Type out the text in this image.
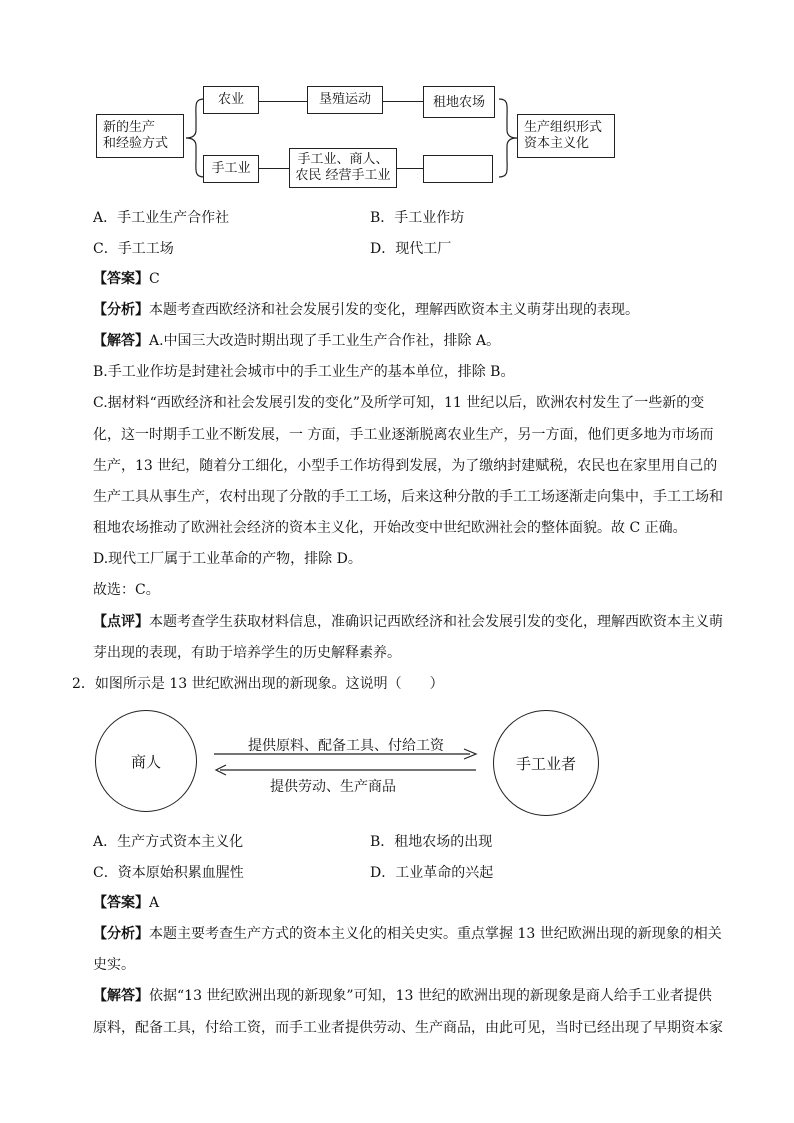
新的生产
和经验方式
农业	垦殖运动	租地农场
手工业
手工业、商人、
农民 经营手工业
生产组织形式
资本主义化
A．手工业生产合作社	B．手工业作坊
C．手工工场	D．现代工厂
【答案】C
【分析】本题考查西欧经济和社会发展引发的变化，理解西欧资本主义萌芽出现的表现。
【解答】A.中国三大改造时期出现了手工业生产合作社，排除 A。
B.手工业作坊是封建社会城市中的手工业生产的基本单位，排除 B。
C.据材料“西欧经济和社会发展引发的变化”及所学可知，11 世纪以后，欧洲农村发生了一些新的变
化，这一时期手工业不断发展，一 方面，手工业逐渐脱离农业生产，另一方面，他们更多地为市场而
生产，13 世纪，随着分工细化，小型手工作坊得到发展，为了缴纳封建赋税，农民也在家里用自己的
生产工具从事生产，农村出现了分散的手工工场，后来这种分散的手工工场逐渐走向集中，手工工场和
租地农场推动了欧洲社会经济的资本主义化，开始改变中世纪欧洲社会的整体面貌。故 C 正确。
D.现代工厂属于工业革命的产物，排除 D。
故选：C。
【点评】本题考查学生获取材料信息，准确识记西欧经济和社会发展引发的变化，理解西欧资本主义萌
芽出现的表现，有助于培养学生的历史解释素养。
2．如图所示是 13 世纪欧洲出现的新现象。这说明（　　）
商人	手工业者
提供原料、配备工具、付给工资
提供劳动、生产商品
A．生产方式资本主义化	B．租地农场的出现
C．资本原始积累血腥性	D．工业革命的兴起
【答案】A
【分析】本题主要考查生产方式的资本主义化的相关史实。重点掌握 13 世纪欧洲出现的新现象的相关
史实。
【解答】依据“13 世纪欧洲出现的新现象”可知，13 世纪的欧洲出现的新现象是商人给手工业者提供
原料，配备工具，付给工资，而手工业者提供劳动、生产商品，由此可见，当时已经出现了早期资本家
